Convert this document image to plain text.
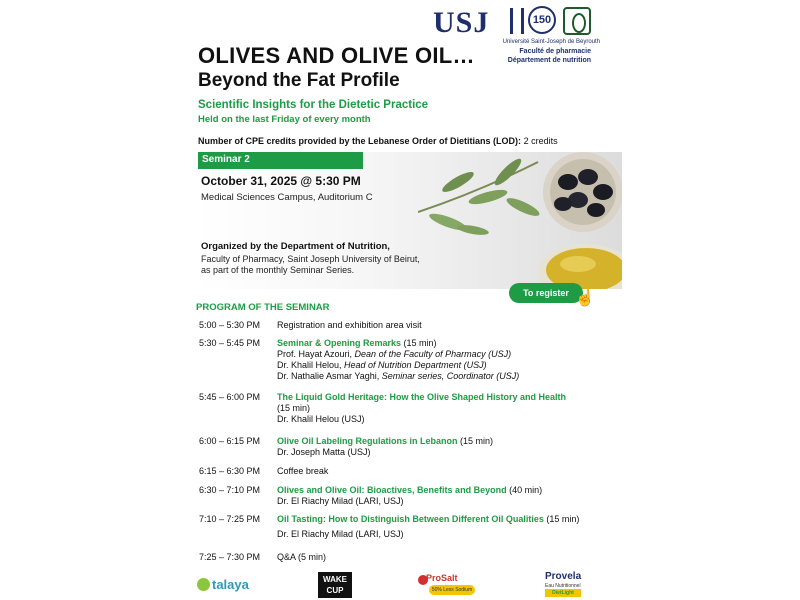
USJ	150
Université Saint-Joseph de Beyrouth
Faculté de pharmacie
Département de nutrition
OLIVES AND OLIVE OIL…
Beyond the Fat Profile
Scientific Insights for the Dietetic Practice
Held on the last Friday of every month
Number of CPE credits provided by the Lebanese Order of Dietitians (LOD): 2 credits
Seminar 2
October 31, 2025 @ 5:30 PM
Medical Sciences Campus, Auditorium C
Organized by the Department of Nutrition,
Faculty of Pharmacy, Saint Joseph University of Beirut,
as part of the monthly Seminar Series.
To register ☝
PROGRAM OF THE SEMINAR
5:00 – 5:30 PM	Registration and exhibition area visit
5:30 – 5:45 PM	Seminar & Opening Remarks (15 min)
Prof. Hayat Azouri, Dean of the Faculty of Pharmacy (USJ)
Dr. Khalil Helou, Head of Nutrition Department (USJ)
Dr. Nathalie Asmar Yaghi, Seminar series, Coordinator (USJ)
5:45 – 6:00 PM	The Liquid Gold Heritage: How the Olive Shaped History and Health
(15 min)
Dr. Khalil Helou (USJ)
6:00 – 6:15 PM	Olive Oil Labeling Regulations in Lebanon (15 min)
Dr. Joseph Matta (USJ)
6:15 – 6:30 PM	Coffee break
6:30 – 7:10 PM	Olives and Olive Oil: Bioactives, Benefits and Beyond (40 min)
Dr. El Riachy Milad (LARI, USJ)
7:10 – 7:25 PM	Oil Tasting: How to Distinguish Between Different Oil Qualities (15 min)
Dr. El Riachy Milad (LARI, USJ)
7:25 – 7:30 PM	Q&A (5 min)
talaya	WAKE
CUP
ProSalt
50% Less Sodium
Provela
Eau Nutritionnel
DietLight
